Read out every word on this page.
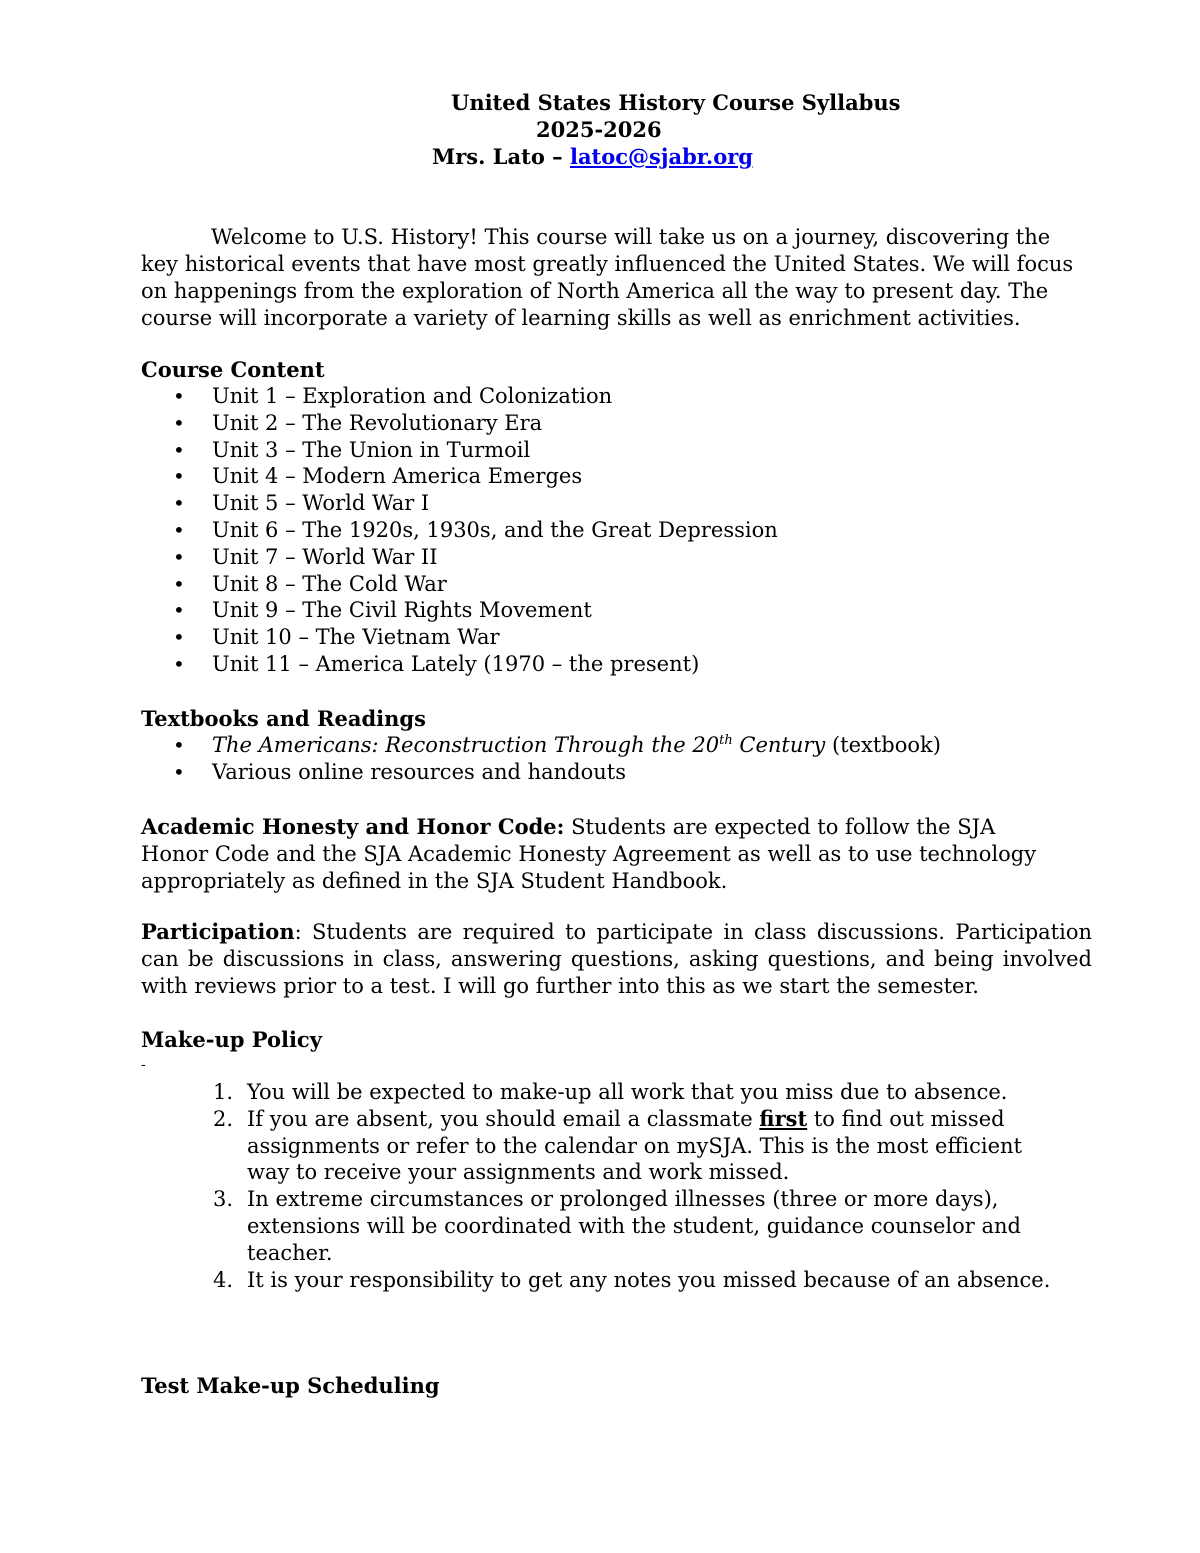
United States History Course Syllabus
2025-2026
Mrs. Lato – latoc@sjabr.org
Welcome to U.S. History! This course will take us on a journey, discovering the
key historical events that have most greatly influenced the United States. We will focus
on happenings from the exploration of North America all the way to present day. The
course will incorporate a variety of learning skills as well as enrichment activities.
Course Content
• Unit 1 – Exploration and Colonization
• Unit 2 – The Revolutionary Era
• Unit 3 – The Union in Turmoil
• Unit 4 – Modern America Emerges
• Unit 5 – World War I
• Unit 6 – The 1920s, 1930s, and the Great Depression
• Unit 7 – World War II
• Unit 8 – The Cold War
• Unit 9 – The Civil Rights Movement
• Unit 10 – The Vietnam War
• Unit 11 – America Lately (1970 – the present)
Textbooks and Readings
• The Americans: Reconstruction Through the 20th Century (textbook)
• Various online resources and handouts
Academic Honesty and Honor Code: Students are expected to follow the SJA
Honor Code and the SJA Academic Honesty Agreement as well as to use technology
appropriately as defined in the SJA Student Handbook.
Participation: Students are required to participate in class discussions. Participation can be discussions in class, answering questions, asking questions, and being involved with reviews prior to a test. I will go further into this as we start the semester.
Make-up Policy
-
1. You will be expected to make-up all work that you miss due to absence.
2. If you are absent, you should email a classmate first to find out missed assignments or refer to the calendar on mySJA. This is the most efficient way to receive your assignments and work missed.
3. In extreme circumstances or prolonged illnesses (three or more days), extensions will be coordinated with the student, guidance counselor and teacher.
4. It is your responsibility to get any notes you missed because of an absence.
Test Make-up Scheduling
